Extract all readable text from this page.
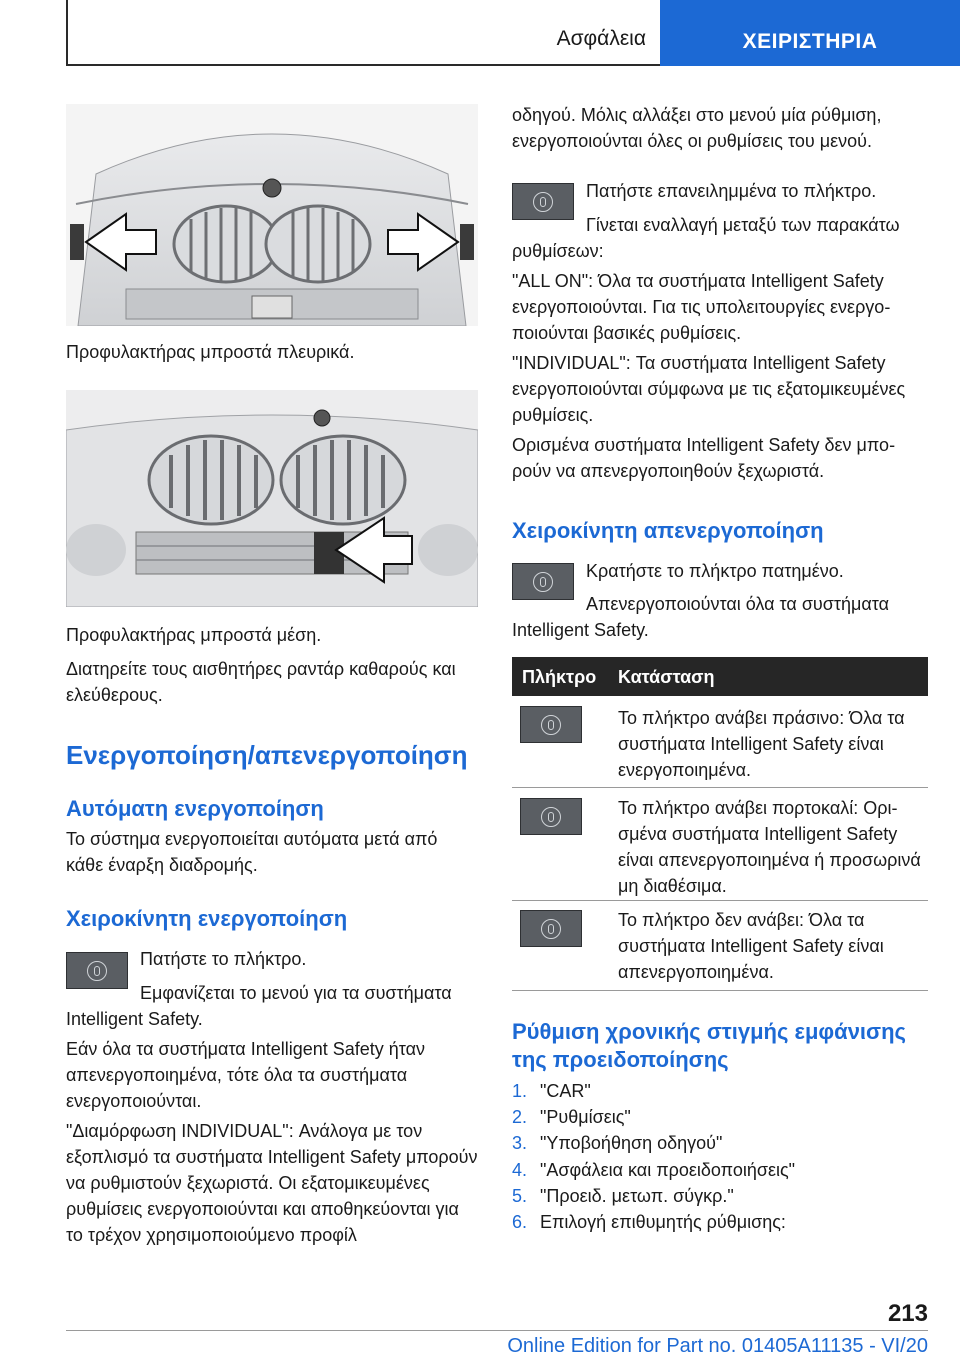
Ασφάλεια	ΧΕΙΡΙΣΤΗΡΙΑ
Προφυλακτήρας μπροστά πλευρικά.
Προφυλακτήρας μπροστά μέση.
Διατηρείτε τους αισθητήρες ραντάρ καθαρούς και ελεύθερους.
Ενεργοποίηση/απενεργοποίηση
Αυτόματη ενεργοποίηση
Το σύστημα ενεργοποιείται αυτόματα μετά από κάθε έναρξη διαδρομής.
Χειροκίνητη ενεργοποίηση
Πατήστε το πλήκτρο.
Εμφανίζεται το μενού για τα συστήματα Intelligent Safety.
Εάν όλα τα συστήματα Intelligent Safety ήταν απενεργοποιημένα, τότε όλα τα συστήματα ενεργοποιούνται.
"Διαμόρφωση INDIVIDUAL": Ανάλογα με τον εξοπλισμό τα συστήματα Intelligent Safety μπορούν να ρυθμιστούν ξεχωριστά. Οι εξατομικευμένες ρυθμίσεις ενεργοποιούνται και αποθηκεύονται για το τρέχον χρησιμοποιούμενο προφίλ
οδηγού. Μόλις αλλάξει στο μενού μία ρύθμιση, ενεργοποιούνται όλες οι ρυθμίσεις του μενού.
Πατήστε επανειλημμένα το πλήκτρο.
Γίνεται εναλλαγή μεταξύ των παρακάτω ρυθμίσεων:
"ALL ON": Όλα τα συστήματα Intelligent Safety ενεργοποιούνται. Για τις υπολειτουργίες ενεργοποιούνται βασικές ρυθμίσεις.
"INDIVIDUAL": Τα συστήματα Intelligent Safety ενεργοποιούνται σύμφωνα με τις εξατομικευμένες ρυθμίσεις.
Ορισμένα συστήματα Intelligent Safety δεν μπορούν να απενεργοποιηθούν ξεχωριστά.
Χειροκίνητη απενεργοποίηση
Κρατήστε το πλήκτρο πατημένο.
Απενεργοποιούνται όλα τα συστήματα Intelligent Safety.
Πλήκτρο Κατάσταση
Το πλήκτρο ανάβει πράσινο: Όλα τα συστήματα Intelligent Safety είναι ενεργοποιημένα.
Το πλήκτρο ανάβει πορτοκαλί: Ορισμένα συστήματα Intelligent Safety είναι απενεργοποιημένα ή προσωρινά μη διαθέσιμα.
Το πλήκτρο δεν ανάβει: Όλα τα συστήματα Intelligent Safety είναι απενεργοποιημένα.
Ρύθμιση χρονικής στιγμής εμφάνισης της προειδοποίησης
1. "CAR"
2. "Ρυθμίσεις"
3. "Υποβοήθηση οδηγού"
4. "Ασφάλεια και προειδοποιήσεις"
5. "Προειδ. μετωπ. σύγκρ."
6. Επιλογή επιθυμητής ρύθμισης:
213
Online Edition for Part no. 01405A11135 - VI/20
